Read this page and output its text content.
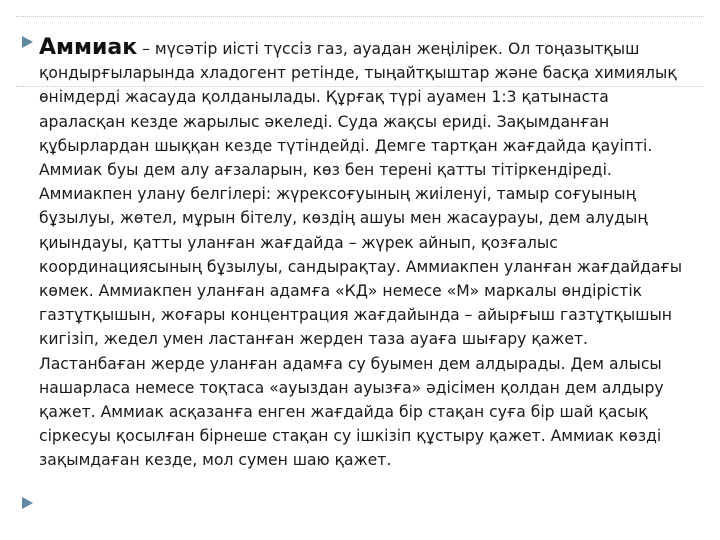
Аммиак – мүсәтір иісті түссіз газ, ауадан жеңілірек. Ол тоңазытқыш қондырғыларында хладогент ретінде, тыңайтқыштар және басқа химиялық өнімдерді жасауда қолданылады. Құрғақ түрі ауамен 1:3 қатынаста араласқан кезде жарылыс әкеледі. Суда жақсы ериді. Зақымданған құбырлардан шыққан кезде түтіндейді. Демге тартқан жағдайда қауіпті. Аммиак буы дем алу ағзаларын, көз бен терені қатты тітіркендіреді. Аммиакпен улану белгілері: жүрексоғуының жиіленуі, тамыр соғуының бұзылуы, жөтел, мұрын бітелу, көздің ашуы мен жасаурауы, дем алудың қиындауы, қатты уланған жағдайда – жүрек айнып, қозғалыс координациясының бұзылуы, сандырақтау. Аммиакпен уланған жағдайдағы көмек. Аммиакпен уланған адамға «КД» немесе «М» маркалы өндірістік газтұтқышын, жоғары концентрация жағдайында – айырғыш газтұтқышын кигізіп, жедел умен ластанған жерден таза ауаға шығару қажет. Ластанбаған жерде уланған адамға су буымен дем алдырады. Дем алысы нашарласа немесе тоқтаса «ауыздан ауызға» әдісімен қолдан дем алдыру қажет. Аммиак асқазанға енген жағдайда бір стақан суға бір шай қасық сіркесуы қосылған бірнеше стақан су ішкізіп құстыру қажет. Аммиак көзді зақымдаған кезде, мол сумен шаю қажет.
